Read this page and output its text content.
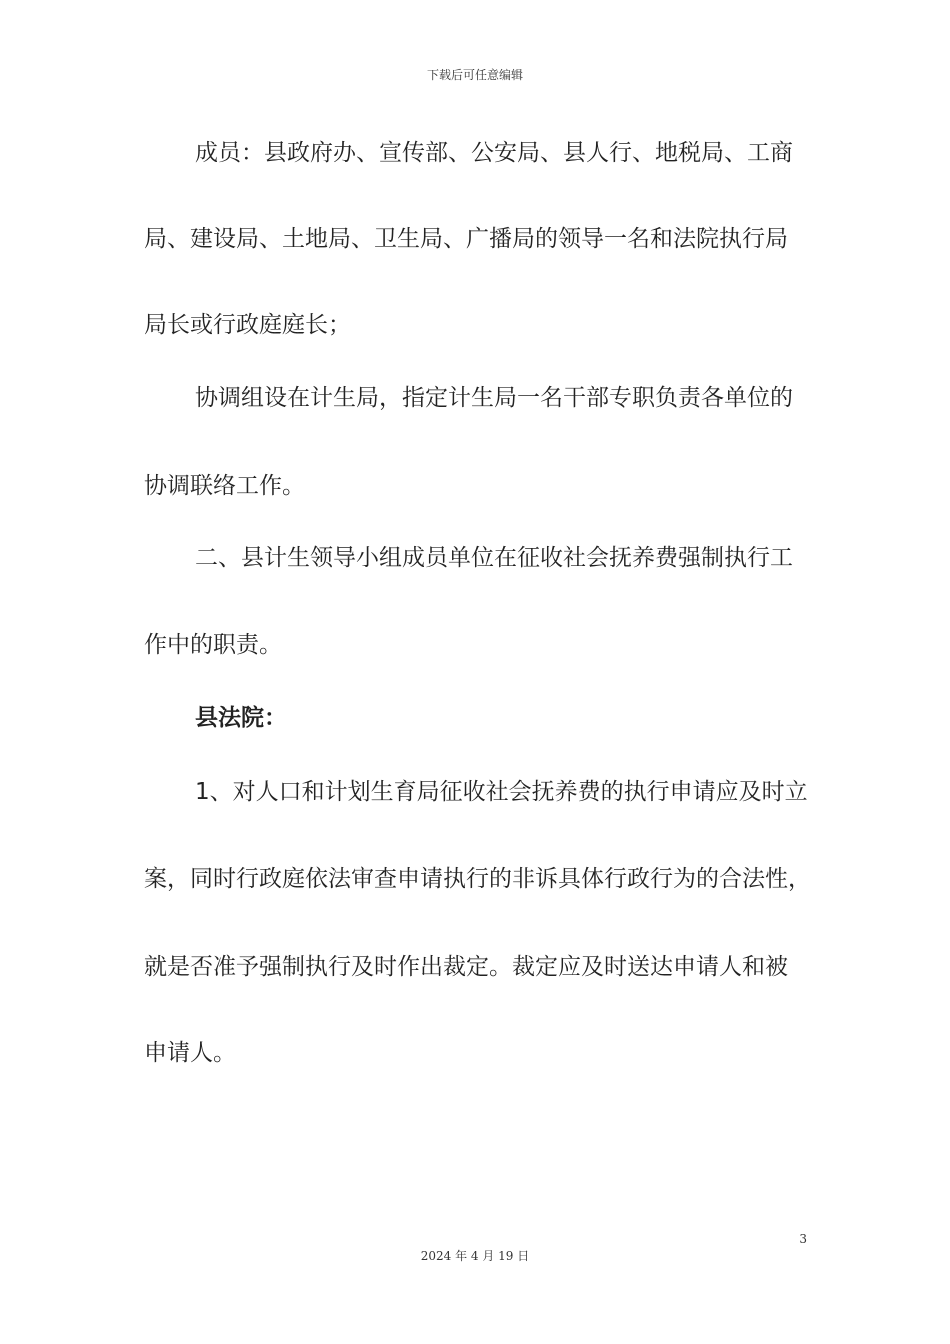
下载后可任意编辑
成员：县政府办、宣传部、公安局、县人行、地税局、工商
局、建设局、土地局、卫生局、广播局的领导一名和法院执行局
局长或行政庭庭长；
协调组设在计生局，指定计生局一名干部专职负责各单位的
协调联络工作。
二、县计生领导小组成员单位在征收社会抚养费强制执行工
作中的职责。
县法院：
1、对人口和计划生育局征收社会抚养费的执行申请应及时立
案，同时行政庭依法审查申请执行的非诉具体行政行为的合法性，
就是否准予强制执行及时作出裁定。裁定应及时送达申请人和被
申请人。
3
2024 年 4 月 19 日
